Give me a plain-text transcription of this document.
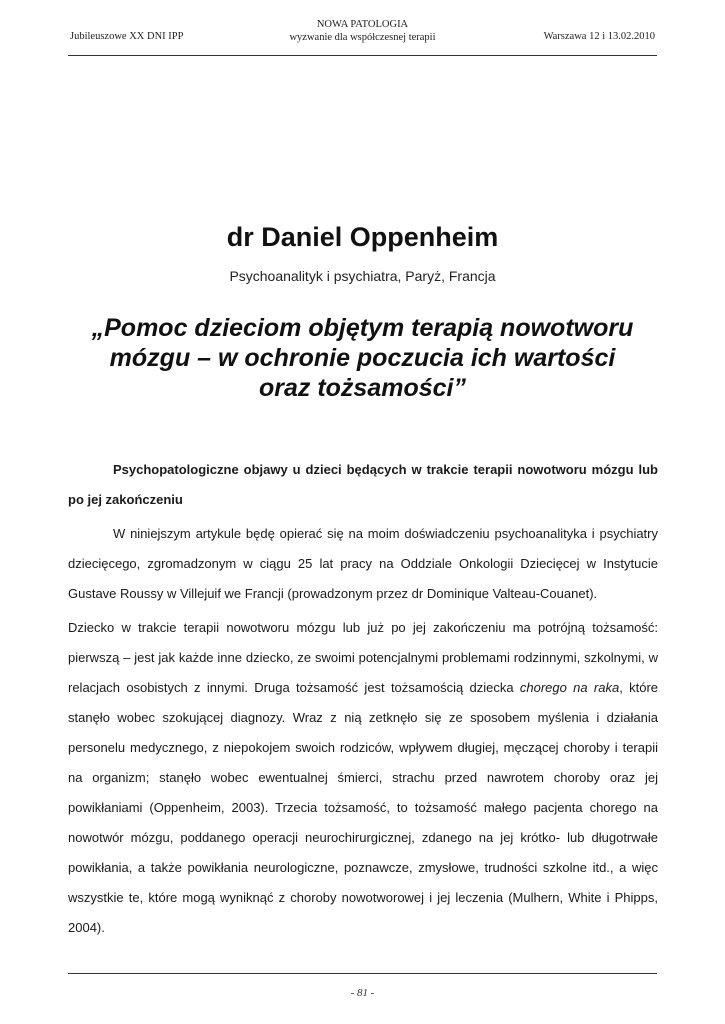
Jubileuszowe XX DNI IPP
NOWA PATOLOGIA
wyzwanie dla współczesnej terapii	Warszawa 12 i 13.02.2010
dr Daniel Oppenheim
Psychoanalityk i psychiatra, Paryż, Francja
„Pomoc dzieciom objętym terapią nowotworu
mózgu – w ochronie poczucia ich wartości
oraz tożsamości”

Psychopatologiczne objawy u dzieci będących w trakcie terapii nowotworu mózgu lub po jej zakończeniu

W niniejszym artykule będę opierać się na moim doświadczeniu psychoanalityka i psychiatry dziecięcego, zgromadzonym w ciągu 25 lat pracy na Oddziale Onkologii Dziecięcej w Instytucie Gustave Roussy w Villejuif we Francji (prowadzonym przez dr Dominique Valteau-Couanet).

Dziecko w trakcie terapii nowotworu mózgu lub już po jej zakończeniu ma potrójną tożsamość: pierwszą – jest jak każde inne dziecko, ze swoimi potencjalnymi problemami rodzinnymi, szkolnymi, w relacjach osobistych z innymi. Druga tożsamość jest tożsamością dziecka chorego na raka, które stanęło wobec szokującej diagnozy. Wraz z nią zetknęło się ze sposobem myślenia i działania personelu medycznego, z niepokojem swoich rodziców, wpływem długiej, męczącej choroby i terapii na organizm; stanęło wobec ewentualnej śmierci, strachu przed nawrotem choroby oraz jej powikłaniami (Oppenheim, 2003). Trzecia tożsamość, to tożsamość małego pacjenta chorego na nowotwór mózgu, poddanego operacji neurochirurgicznej, zdanego na jej krótko- lub długotrwałe powikłania, a także powikłania neurologiczne, poznawcze, zmysłowe, trudności szkolne itd., a więc wszystkie te, które mogą wyniknąć z choroby nowotworowej i jej leczenia (Mulhern, White i Phipps, 2004).

- 81 -
